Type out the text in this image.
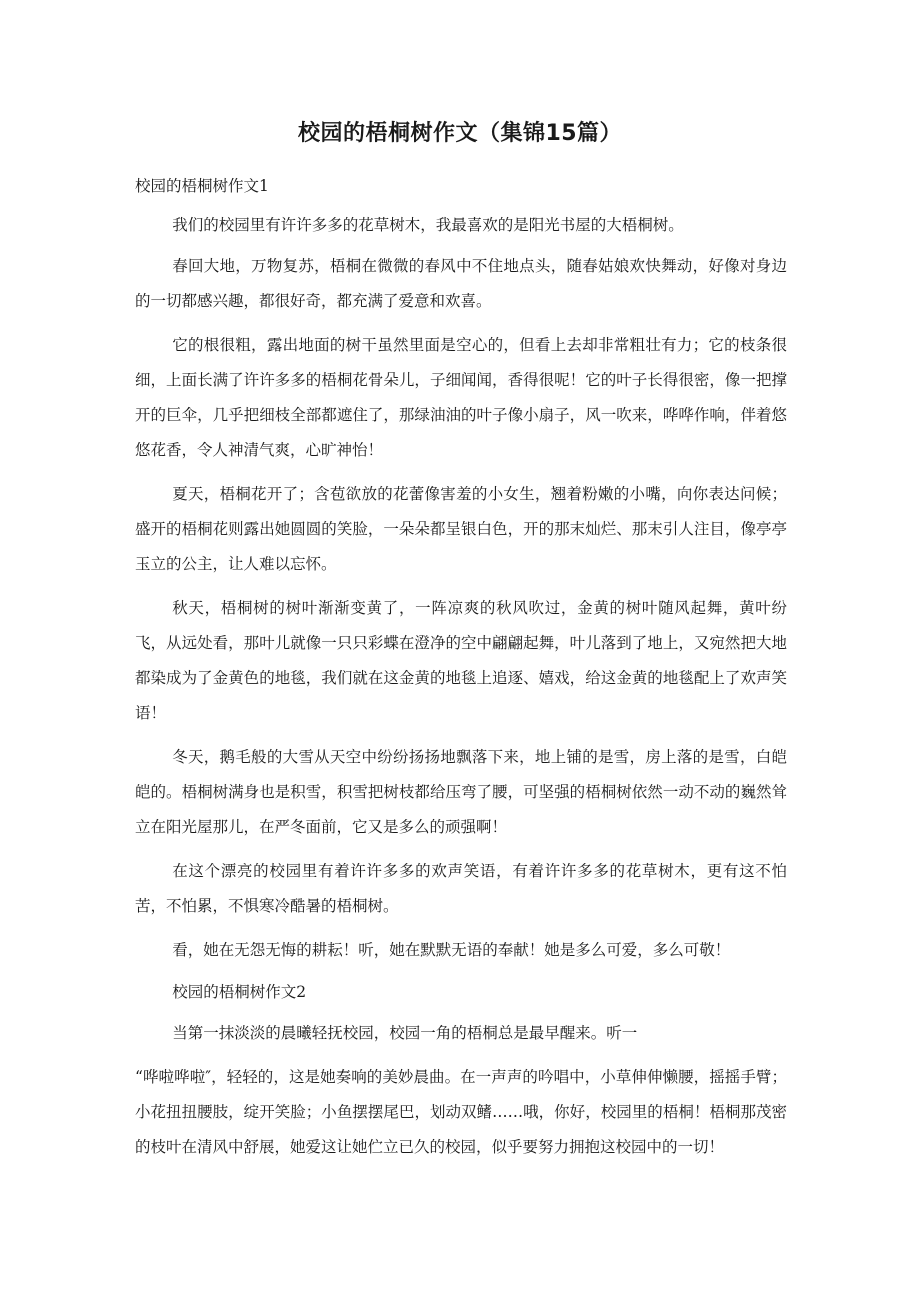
校园的梧桐树作文（集锦15篇）

校园的梧桐树作文1

我们的校园里有许许多多的花草树木，我最喜欢的是阳光书屋的大梧桐树。

春回大地，万物复苏，梧桐在微微的春风中不住地点头，随春姑娘欢快舞动，好像对身边的一切都感兴趣，都很好奇，都充满了爱意和欢喜。

它的根很粗，露出地面的树干虽然里面是空心的，但看上去却非常粗壮有力；它的枝条很细，上面长满了许许多多的梧桐花骨朵儿，子细闻闻，香得很呢！它的叶子长得很密，像一把撑开的巨伞，几乎把细枝全部都遮住了，那绿油油的叶子像小扇子，风一吹来，哗哗作响，伴着悠悠花香，令人神清气爽，心旷神怡！

夏天，梧桐花开了；含苞欲放的花蕾像害羞的小女生，翘着粉嫩的小嘴，向你表达问候；盛开的梧桐花则露出她圆圆的笑脸，一朵朵都呈银白色，开的那末灿烂、那末引人注目，像亭亭玉立的公主，让人难以忘怀。

秋天，梧桐树的树叶渐渐变黄了，一阵凉爽的秋风吹过，金黄的树叶随风起舞，黄叶纷飞，从远处看，那叶儿就像一只只彩蝶在澄净的空中翩翩起舞，叶儿落到了地上，又宛然把大地都染成为了金黄色的地毯，我们就在这金黄的地毯上追逐、嬉戏，给这金黄的地毯配上了欢声笑语！

冬天，鹅毛般的大雪从天空中纷纷扬扬地飘落下来，地上铺的是雪，房上落的是雪，白皑皑的。梧桐树满身也是积雪，积雪把树枝都给压弯了腰，可坚强的梧桐树依然一动不动的巍然耸立在阳光屋那儿，在严冬面前，它又是多么的顽强啊！

在这个漂亮的校园里有着许许多多的欢声笑语，有着许许多多的花草树木，更有这不怕苦，不怕累，不惧寒冷酷暑的梧桐树。

看，她在无怨无悔的耕耘！听，她在默默无语的奉献！她是多么可爱，多么可敬！

校园的梧桐树作文2

当第一抹淡淡的晨曦轻抚校园，校园一角的梧桐总是最早醒来。听一

“哗啦哗啦″，轻轻的，这是她奏响的美妙晨曲。在一声声的吟唱中，小草伸伸懒腰，摇摇手臂；小花扭扭腰肢，绽开笑脸；小鱼摆摆尾巴，划动双鳍……哦，你好，校园里的梧桐！梧桐那茂密的枝叶在清风中舒展，她爱这让她伫立已久的校园，似乎要努力拥抱这校园中的一切！
